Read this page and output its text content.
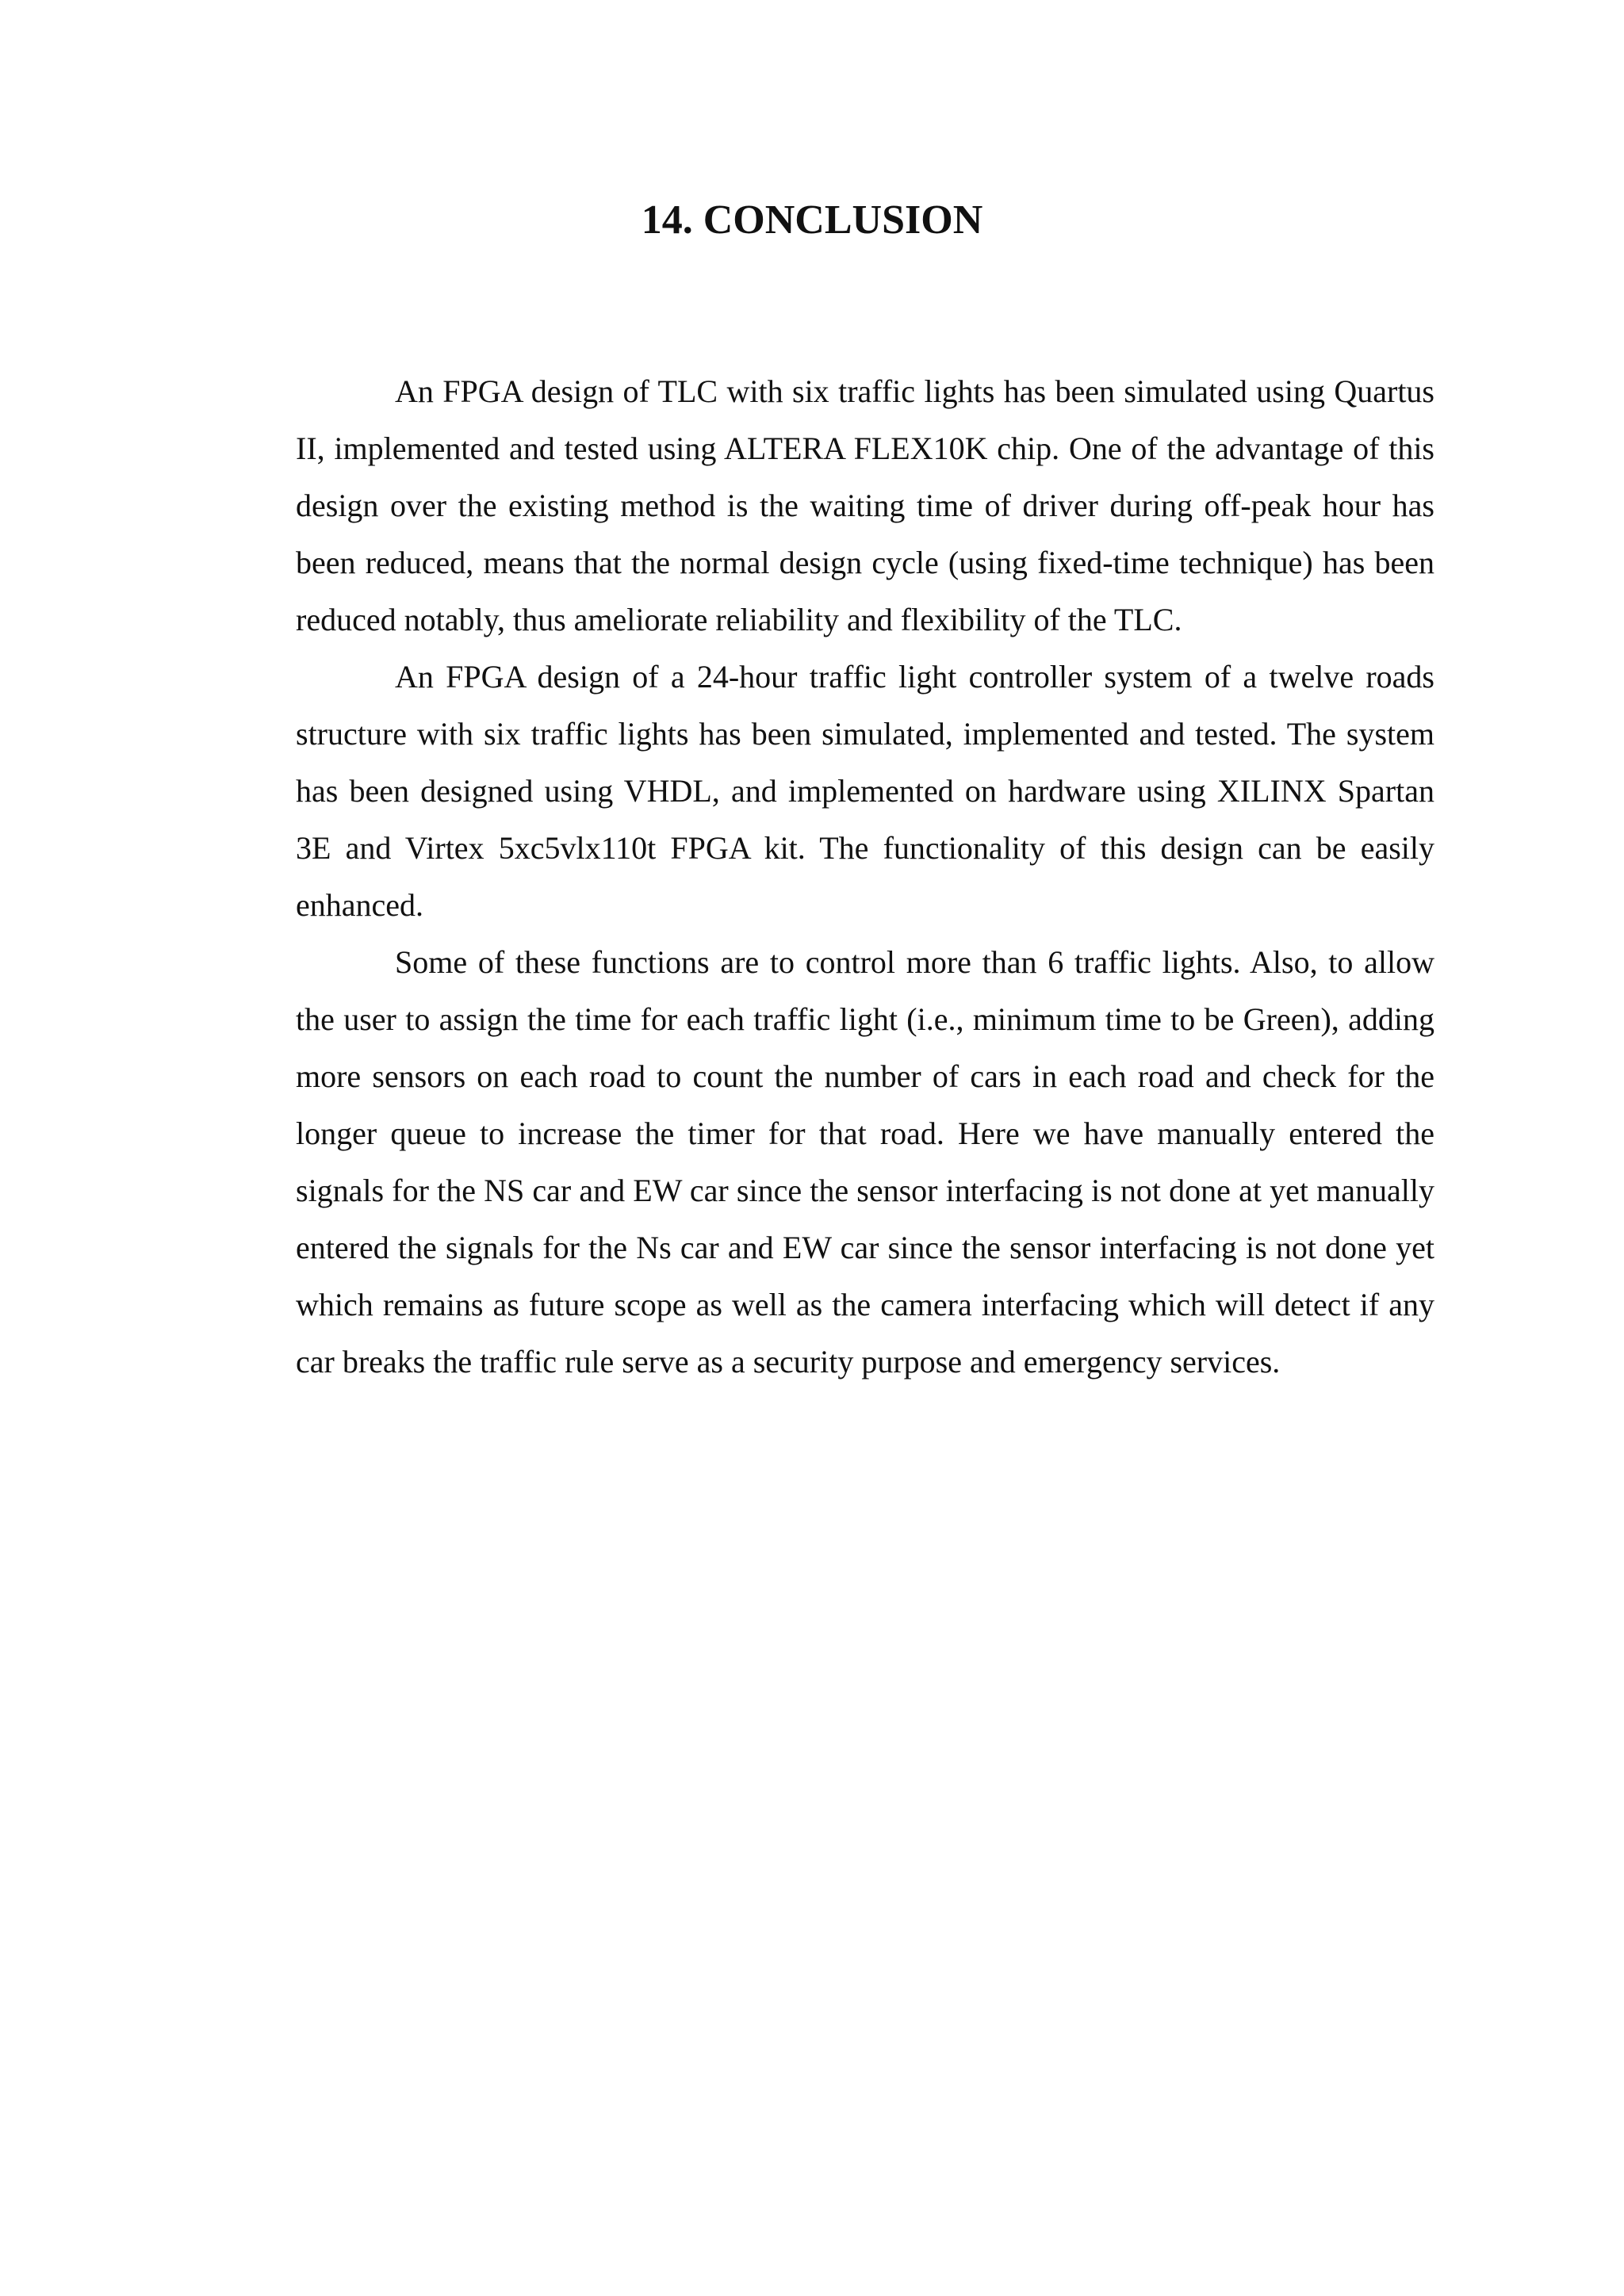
14. CONCLUSION

An FPGA design of TLC with six traffic lights has been simulated using Quartus II, implemented and tested using ALTERA FLEX10K chip. One of the advantage of this design over the existing method is the waiting time of driver during off-peak hour has been reduced, means that the normal design cycle (using fixed-time technique) has been reduced notably, thus ameliorate reliability and flexibility of the TLC.

An FPGA design of a 24-hour traffic light controller system of a twelve roads structure with six traffic lights has been simulated, implemented and tested. The system has been designed using VHDL, and implemented on hardware using XILINX Spartan 3E and Virtex 5xc5vlx110t FPGA kit. The functionality of this design can be easily enhanced.

Some of these functions are to control more than 6 traffic lights. Also, to allow the user to assign the time for each traffic light (i.e., minimum time to be Green), adding more sensors on each road to count the number of cars in each road and check for the longer queue to increase the timer for that road. Here we have manually entered the signals for the NS car and EW car since the sensor interfacing is not done at yet manually entered the signals for the Ns car and EW car since the sensor interfacing is not done yet which remains as future scope as well as the camera interfacing which will detect if any car breaks the traffic rule serve as a security purpose and emergency services.
